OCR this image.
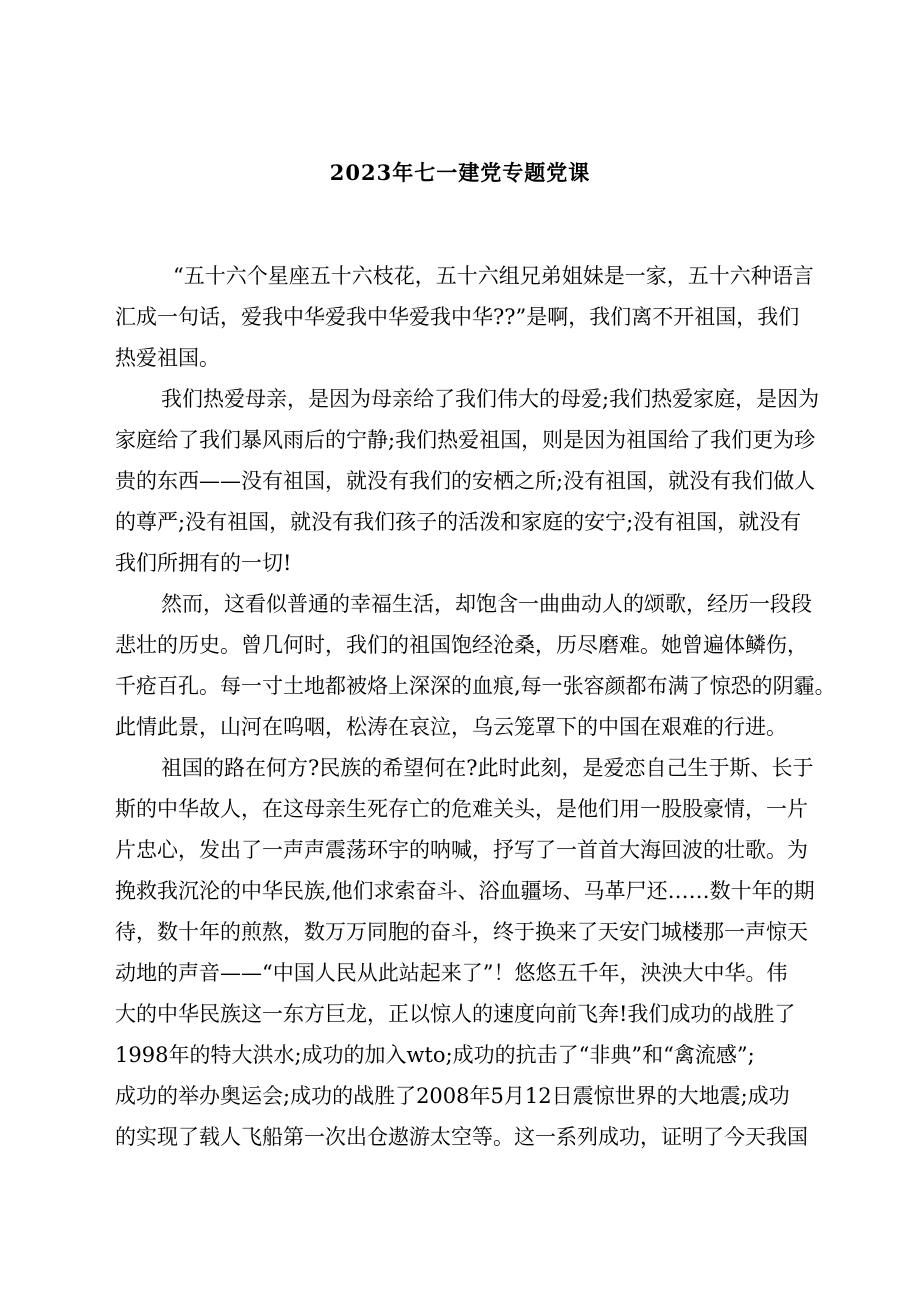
2023年七一建党专题党课
“五十六个星座五十六枝花，五十六组兄弟姐妹是一家，五十六种语言
汇成一句话，爱我中华爱我中华爱我中华??”是啊，我们离不开祖国，我们
热爱祖国。
我们热爱母亲，是因为母亲给了我们伟大的母爱;我们热爱家庭，是因为
家庭给了我们暴风雨后的宁静;我们热爱祖国，则是因为祖国给了我们更为珍
贵的东西——没有祖国，就没有我们的安栖之所;没有祖国，就没有我们做人
的尊严;没有祖国，就没有我们孩子的活泼和家庭的安宁;没有祖国，就没有
我们所拥有的一切!
然而，这看似普通的幸福生活，却饱含一曲曲动人的颂歌，经历一段段
悲壮的历史。曾几何时，我们的祖国饱经沧桑，历尽磨难。她曾遍体鳞伤，
千疮百孔。每一寸土地都被烙上深深的血痕,每一张容颜都布满了惊恐的阴霾。
此情此景，山河在呜咽，松涛在哀泣，乌云笼罩下的中国在艰难的行进。
祖国的路在何方?民族的希望何在?此时此刻，是爱恋自己生于斯、长于
斯的中华故人，在这母亲生死存亡的危难关头，是他们用一股股豪情，一片
片忠心，发出了一声声震荡环宇的呐喊，抒写了一首首大海回波的壮歌。为
挽救我沉沦的中华民族,他们求索奋斗、浴血疆场、马革尸还……数十年的期
待，数十年的煎熬，数万万同胞的奋斗，终于换来了天安门城楼那一声惊天
动地的声音——“中国人民从此站起来了”！悠悠五千年，泱泱大中华。伟
大的中华民族这一东方巨龙，正以惊人的速度向前飞奔!我们成功的战胜了
1998年的特大洪水;成功的加入wto;成功的抗击了“非典”和“禽流感”;
成功的举办奥运会;成功的战胜了2008年5月12日震惊世界的大地震;成功
的实现了载人飞船第一次出仓遨游太空等。这一系列成功，证明了今天我国
